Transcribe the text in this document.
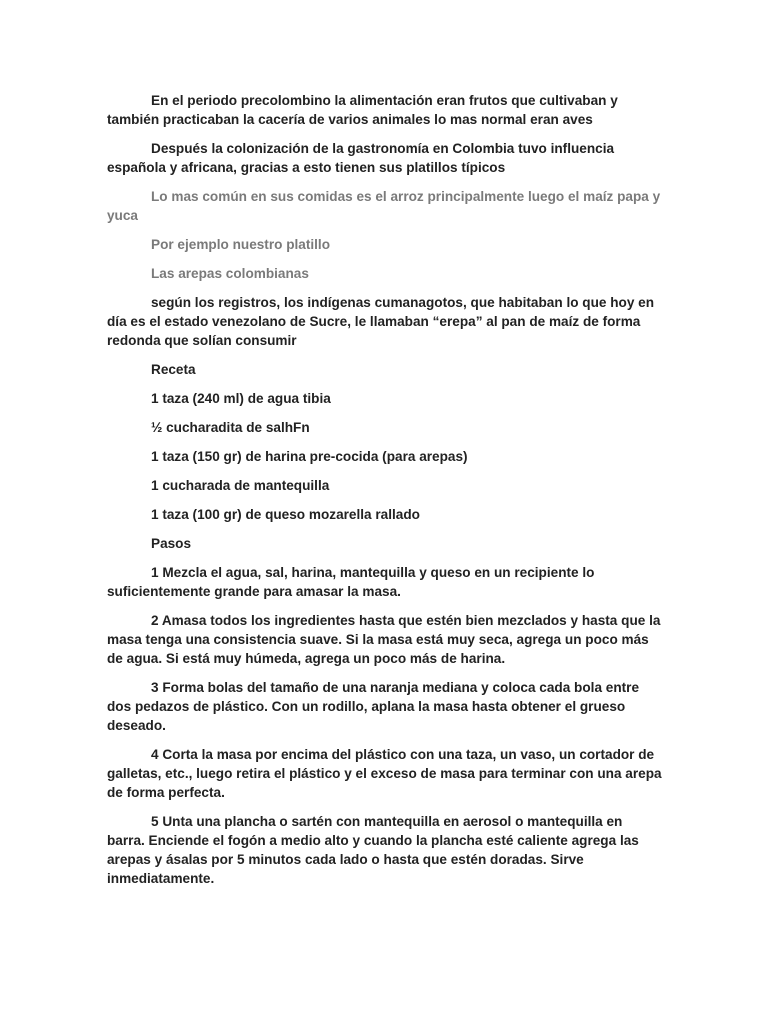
En el periodo precolombino la alimentación eran frutos que cultivaban y también practicaban la cacería de varios animales lo mas normal eran aves

Después la colonización de la gastronomía en Colombia tuvo influencia española y africana, gracias a esto tienen sus platillos típicos

Lo mas común en sus comidas es el arroz principalmente luego el maíz papa y yuca

Por ejemplo nuestro platillo

Las arepas colombianas

según los registros, los indígenas cumanagotos, que habitaban lo que hoy en día es el estado venezolano de Sucre, le llamaban “erepa” al pan de maíz de forma redonda que solían consumir

Receta

1 taza (240 ml) de agua tibia

½ cucharadita de salhFn

1 taza (150 gr) de harina pre-cocida (para arepas)

1 cucharada de mantequilla

1 taza (100 gr) de queso mozarella rallado

Pasos

1 Mezcla el agua, sal, harina, mantequilla y queso en un recipiente lo suficientemente grande para amasar la masa.

2 Amasa todos los ingredientes hasta que estén bien mezclados y hasta que la masa tenga una consistencia suave. Si la masa está muy seca, agrega un poco más de agua. Si está muy húmeda, agrega un poco más de harina.

3 Forma bolas del tamaño de una naranja mediana y coloca cada bola entre dos pedazos de plástico. Con un rodillo, aplana la masa hasta obtener el grueso deseado.

4 Corta la masa por encima del plástico con una taza, un vaso, un cortador de galletas, etc., luego retira el plástico y el exceso de masa para terminar con una arepa de forma perfecta.

5 Unta una plancha o sartén con mantequilla en aerosol o mantequilla en barra. Enciende el fogón a medio alto y cuando la plancha esté caliente agrega las arepas y ásalas por 5 minutos cada lado o hasta que estén doradas. Sirve inmediatamente.
